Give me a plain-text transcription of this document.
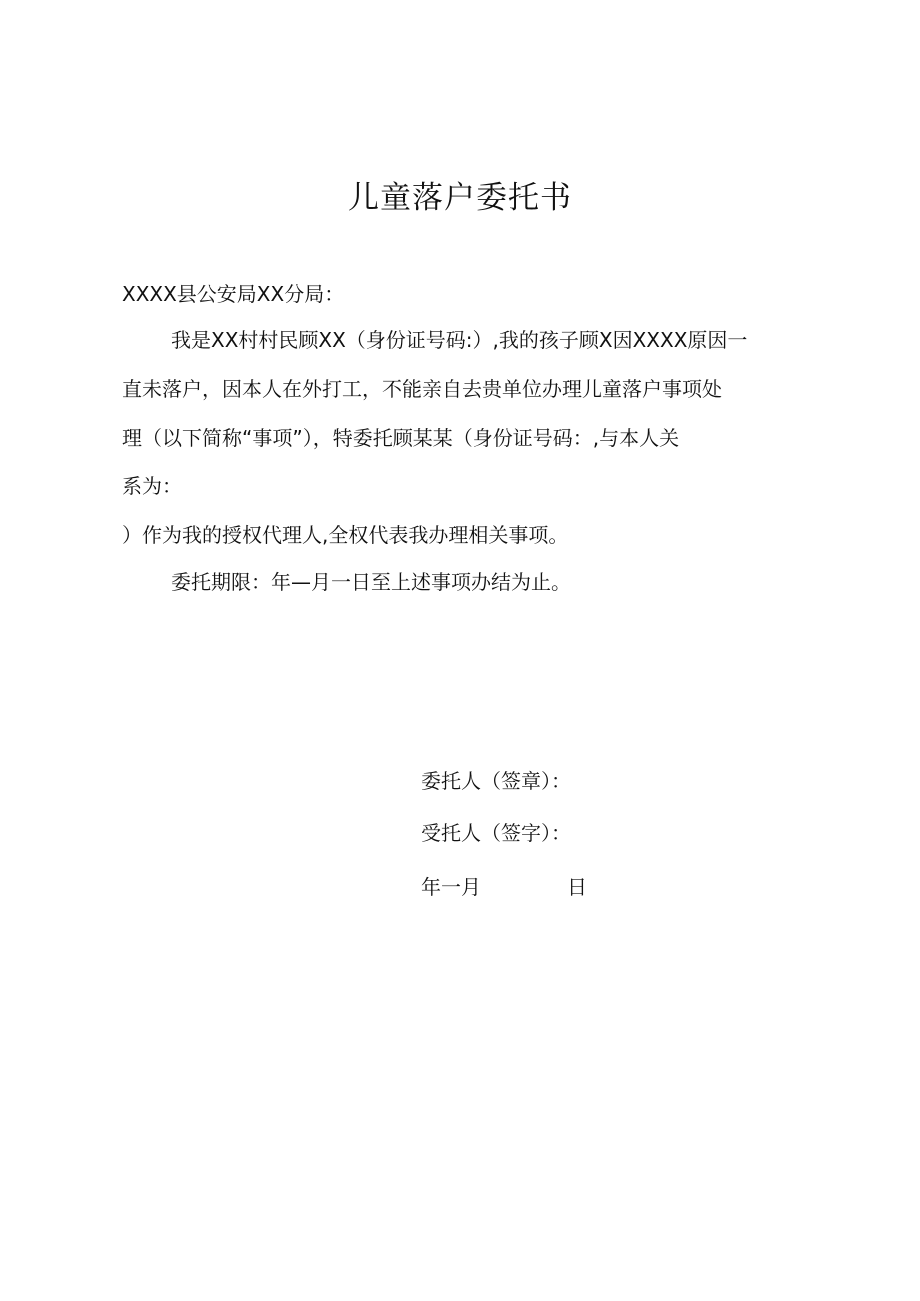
儿童落户委托书
XXXX县公安局XX分局：
我是XX村村民顾XX（身份证号码:）,我的孩子顾X因XXXX原因一
直未落户，因本人在外打工，不能亲自去贵单位办理儿童落户事项处
理（以下简称“事项”），特委托顾某某（身份证号码：,与本人关
系为：
）作为我的授权代理人,全权代表我办理相关事项。
委托期限：年—月一日至上述事项办结为止。
委托人（签章）：
受托人（签字）：
年一月	日
